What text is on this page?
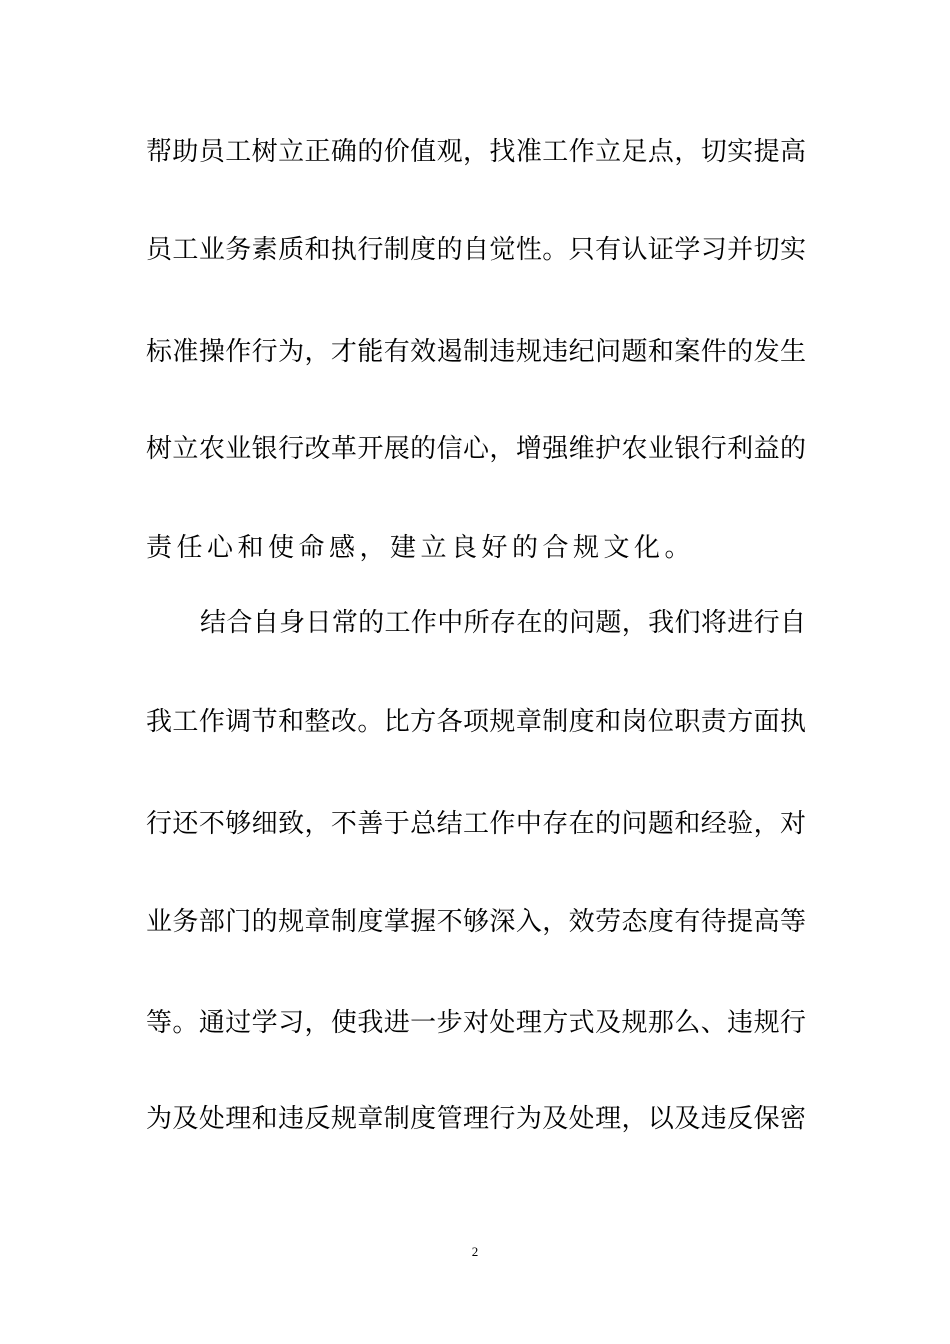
帮助员工树立正确的价值观，找准工作立足点，切实提高
员工业务素质和执行制度的自觉性。只有认证学习并切实
标准操作行为，才能有效遏制违规违纪问题和案件的发生
树立农业银行改革开展的信心，增强维护农业银行利益的
责任心和使命感，建立良好的合规文化。
结合自身日常的工作中所存在的问题，我们将进行自
我工作调节和整改。比方各项规章制度和岗位职责方面执
行还不够细致，不善于总结工作中存在的问题和经验，对
业务部门的规章制度掌握不够深入，效劳态度有待提高等
等。通过学习，使我进一步对处理方式及规那么、违规行
为及处理和违反规章制度管理行为及处理，以及违反保密
2
